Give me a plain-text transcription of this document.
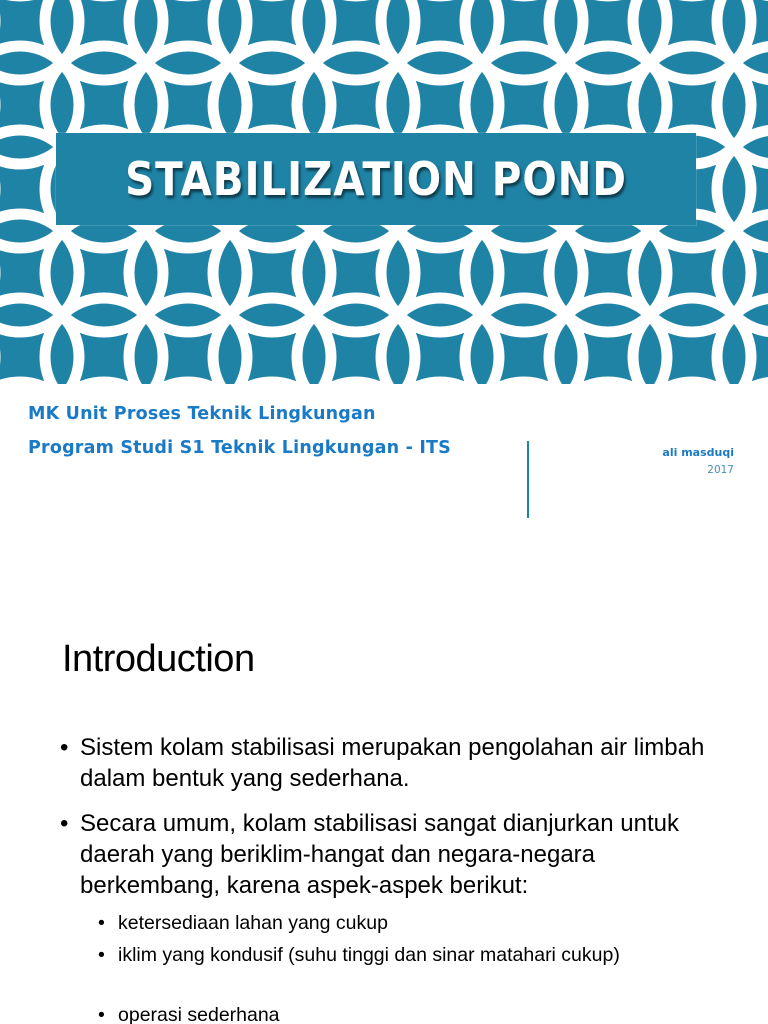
STABILIZATION POND
MK Unit Proses Teknik Lingkungan
Program Studi S1 Teknik Lingkungan - ITS	ali masduqi
2017
Introduction
• Sistem kolam stabilisasi merupakan pengolahan air limbah dalam bentuk yang sederhana.
• Secara umum, kolam stabilisasi sangat dianjurkan untuk daerah yang beriklim-hangat dan negara-negara berkembang, karena aspek-aspek berikut:
• ketersediaan lahan yang cukup
• iklim yang kondusif (suhu tinggi dan sinar matahari cukup)
• operasi sederhana
